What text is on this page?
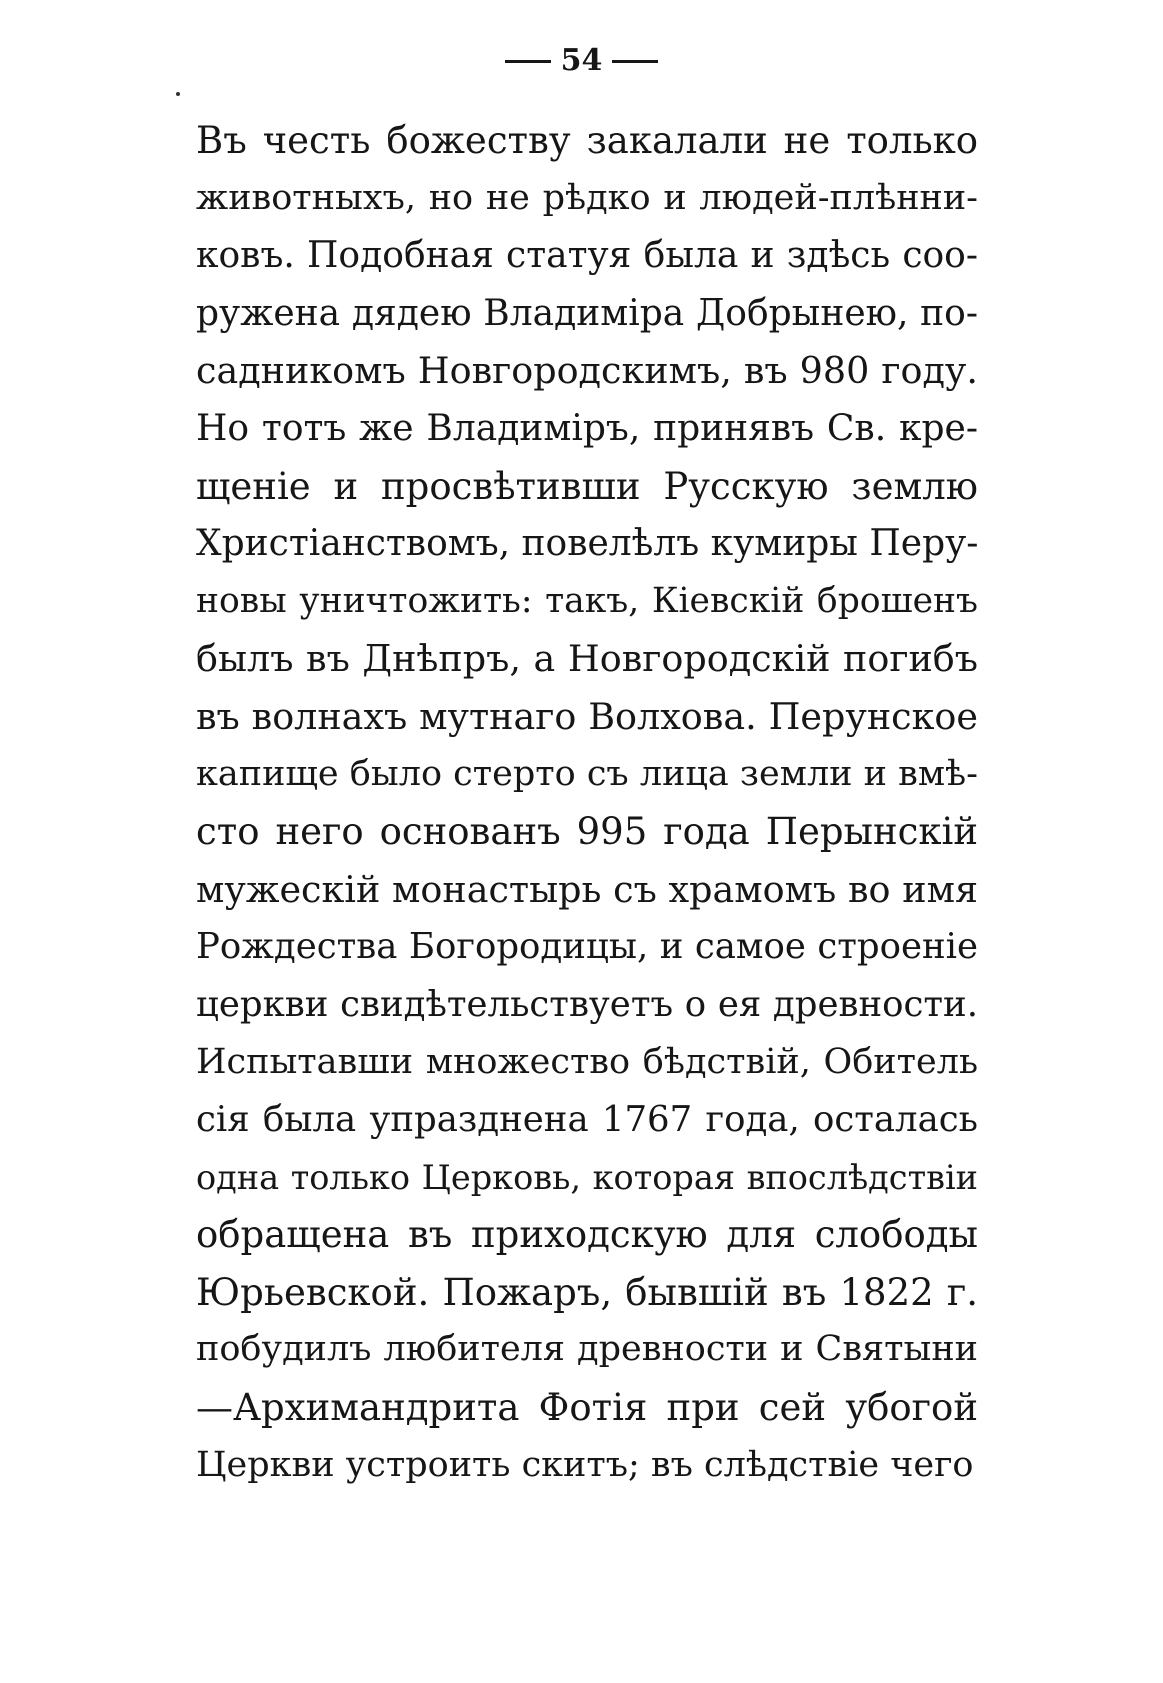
54
Въ честь божеству закалали не только
животныхъ, но не рѣдко и людей-плѣнни-
ковъ. Подобная статуя была и здѣсь соо-
ружена дядею Владиміра Добрынею, по-
садникомъ Новгородскимъ, въ 980 году.
Но тотъ же Владиміръ, принявъ Св. кре-
щеніе и просвѣтивши Русскую землю
Христіанствомъ, повелѣлъ кумиры Перу-
новы уничтожить: такъ, Кіевскій брошенъ
былъ въ Днѣпръ, а Новгородскій погибъ
въ волнахъ мутнаго Волхова. Перунское
капище было стерто съ лица земли и вмѣ-
сто него основанъ 995 года Перынскій
мужескій монастырь съ храмомъ во имя
Рождества Богородицы, и самое строеніе
церкви свидѣтельствуетъ о ея древности.
Испытавши множество бѣдствій, Обитель
сія была упразднена 1767 года, осталась
одна только Церковь, которая впослѣдствіи
обращена въ приходскую для слободы
Юрьевской. Пожаръ, бывшій въ 1822 г.
побудилъ любителя древности и Святыни
—Архимандрита Фотія при сей убогой
Церкви устроить скитъ; въ слѣдствіе чего
